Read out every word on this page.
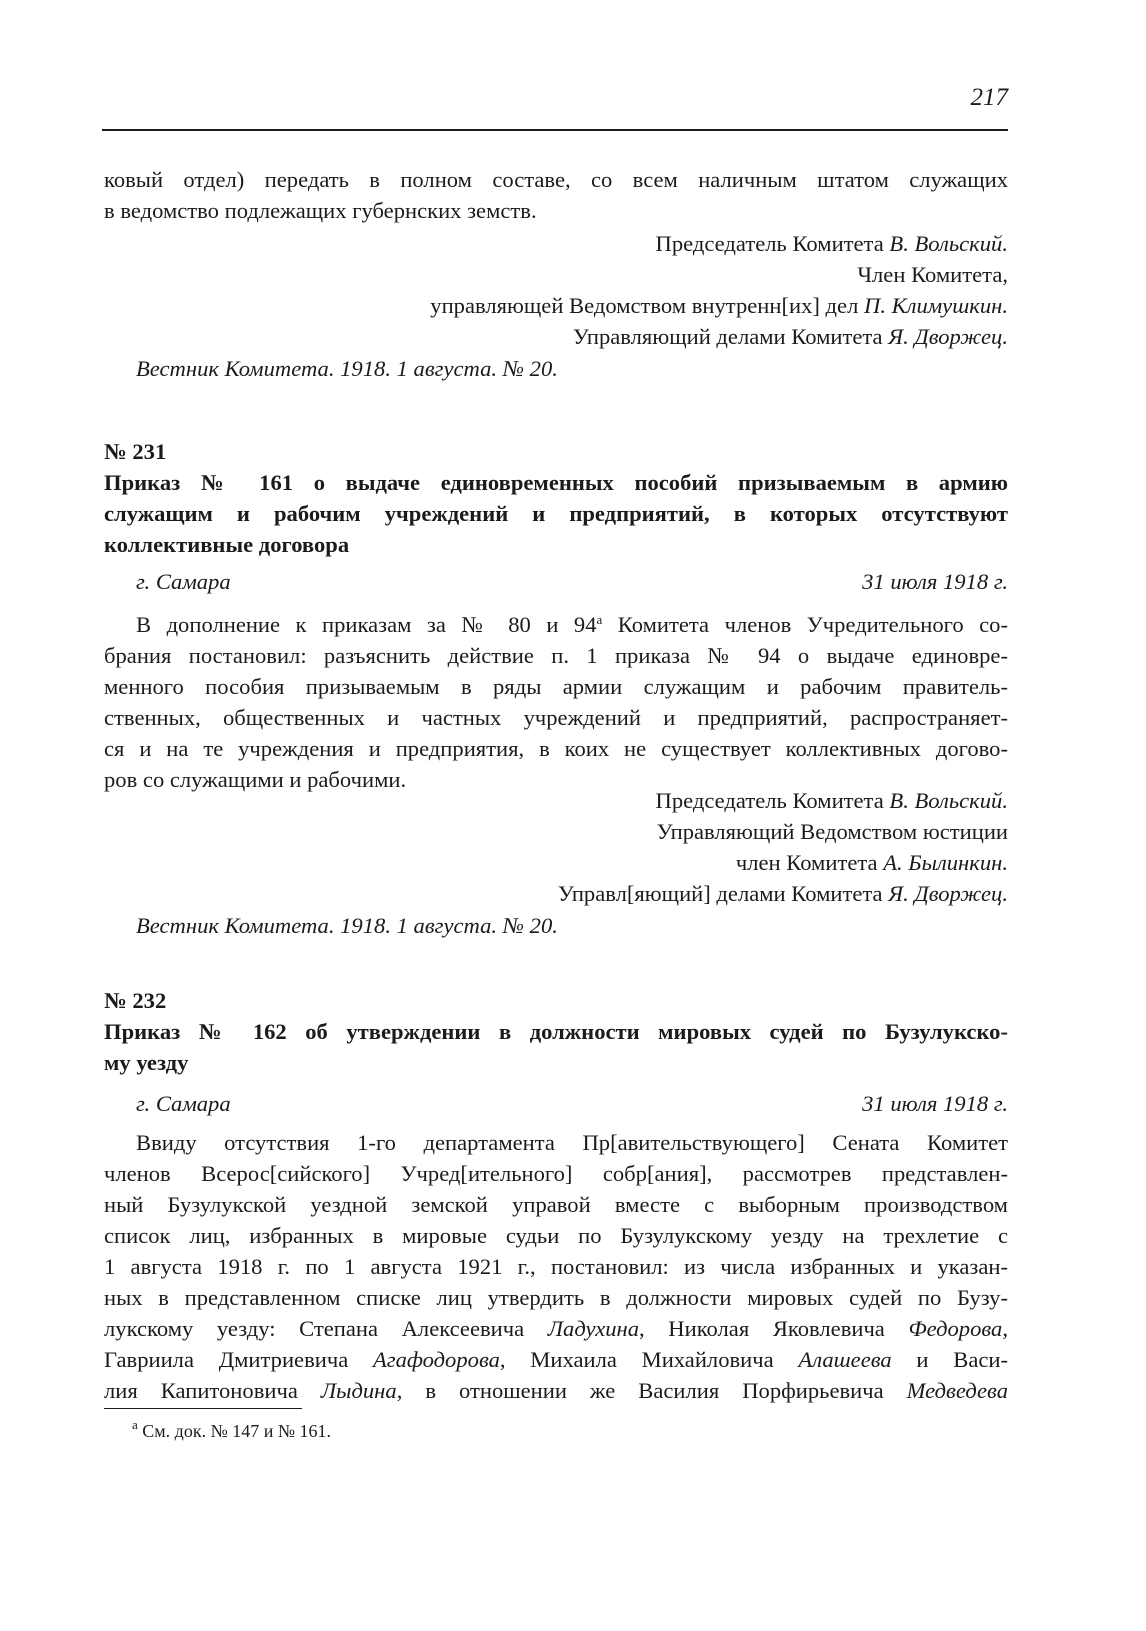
217
ковый отдел) передать в полном составе, со всем наличным штатом служащих
в ведомство подлежащих губернских земств.
Председатель Комитета В. Вольский.
Член Комитета,
управляющей Ведомством внутренн[их] дел П. Климушкин.
Управляющий делами Комитета Я. Дворжец.
Вестник Комитета. 1918. 1 августа. № 20.
№ 231
Приказ № 161 о выдаче единовременных пособий призываемым в армию
служащим и рабочим учреждений и предприятий, в которых отсутствуют
коллективные договора
г. Самара	31 июля 1918 г.
В дополнение к приказам за № 80 и $94^а$ Комитета членов Учредительного со-
брания постановил: разъяснить действие п. 1 приказа № 94 о выдаче единовре-
менного пособия призываемым в ряды армии служащим и рабочим правитель-
ственных, общественных и частных учреждений и предприятий, распространяет-
ся и на те учреждения и предприятия, в коих не существует коллективных догово-
ров со служащими и рабочими.
Председатель Комитета В. Вольский.
Управляющий Ведомством юстиции
член Комитета А. Былинкин.
Управл[яющий] делами Комитета Я. Дворжец.
Вестник Комитета. 1918. 1 августа. № 20.
№ 232
Приказ № 162 об утверждении в должности мировых судей по Бузулукско-
му уезду
г. Самара	31 июля 1918 г.
Ввиду отсутствия 1-го департамента Пр[авительствующего] Сената Комитет
членов Всерос[сийского] Учред[ительного] собр[ания], рассмотрев представлен-
ный Бузулукской уездной земской управой вместе с выборным производством
список лиц, избранных в мировые судьи по Бузулукскому уезду на трехлетие с
1 августа 1918 г. по 1 августа 1921 г., постановил: из числа избранных и указан-
ных в представленном списке лиц утвердить в должности мировых судей по Бузу-
лукскому уезду: Степана Алексеевича Ладухина, Николая Яковлевича Федорова,
Гавриила Дмитриевича Агафодорова, Михаила Михайловича Алашеева и Васи-
лия Капитоновича Лыдина, в отношении же Василия Порфирьевича Медведева
$^а$ См. док. № 147 и № 161.
